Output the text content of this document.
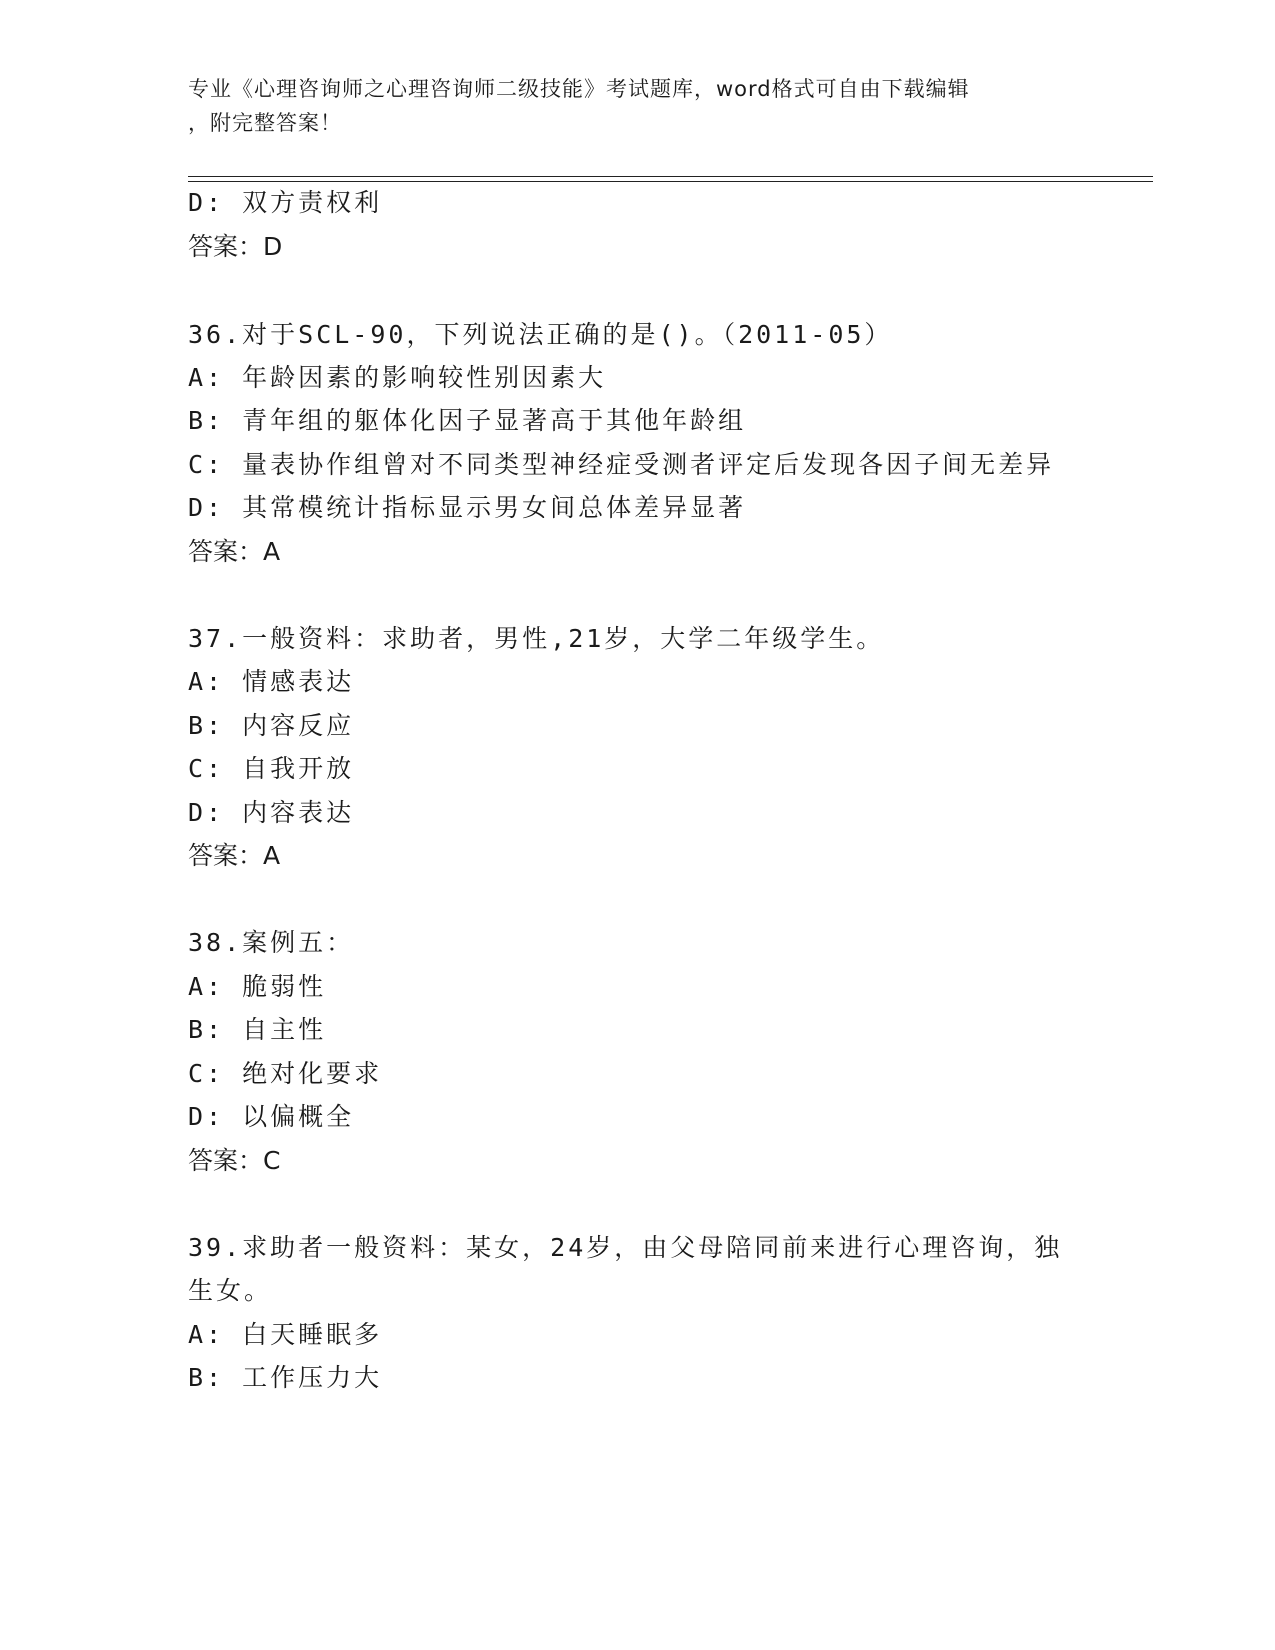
专业《心理咨询师之心理咨询师二级技能》考试题库，word格式可自由下载编辑
，附完整答案！
D: 双方责权利
答案：D
36.对于SCL-90，下列说法正确的是()。（2011-05）
A: 年龄因素的影响较性别因素大
B: 青年组的躯体化因子显著高于其他年龄组
C: 量表协作组曾对不同类型神经症受测者评定后发现各因子间无差异
D: 其常模统计指标显示男女间总体差异显著
答案：A
37.一般资料：求助者，男性,21岁，大学二年级学生。
A: 情感表达
B: 内容反应
C: 自我开放
D: 内容表达
答案：A
38.案例五：
A: 脆弱性
B: 自主性
C: 绝对化要求
D: 以偏概全
答案：C
39.求助者一般资料：某女，24岁，由父母陪同前来进行心理咨询，独
生女。
A: 白天睡眠多
B: 工作压力大
